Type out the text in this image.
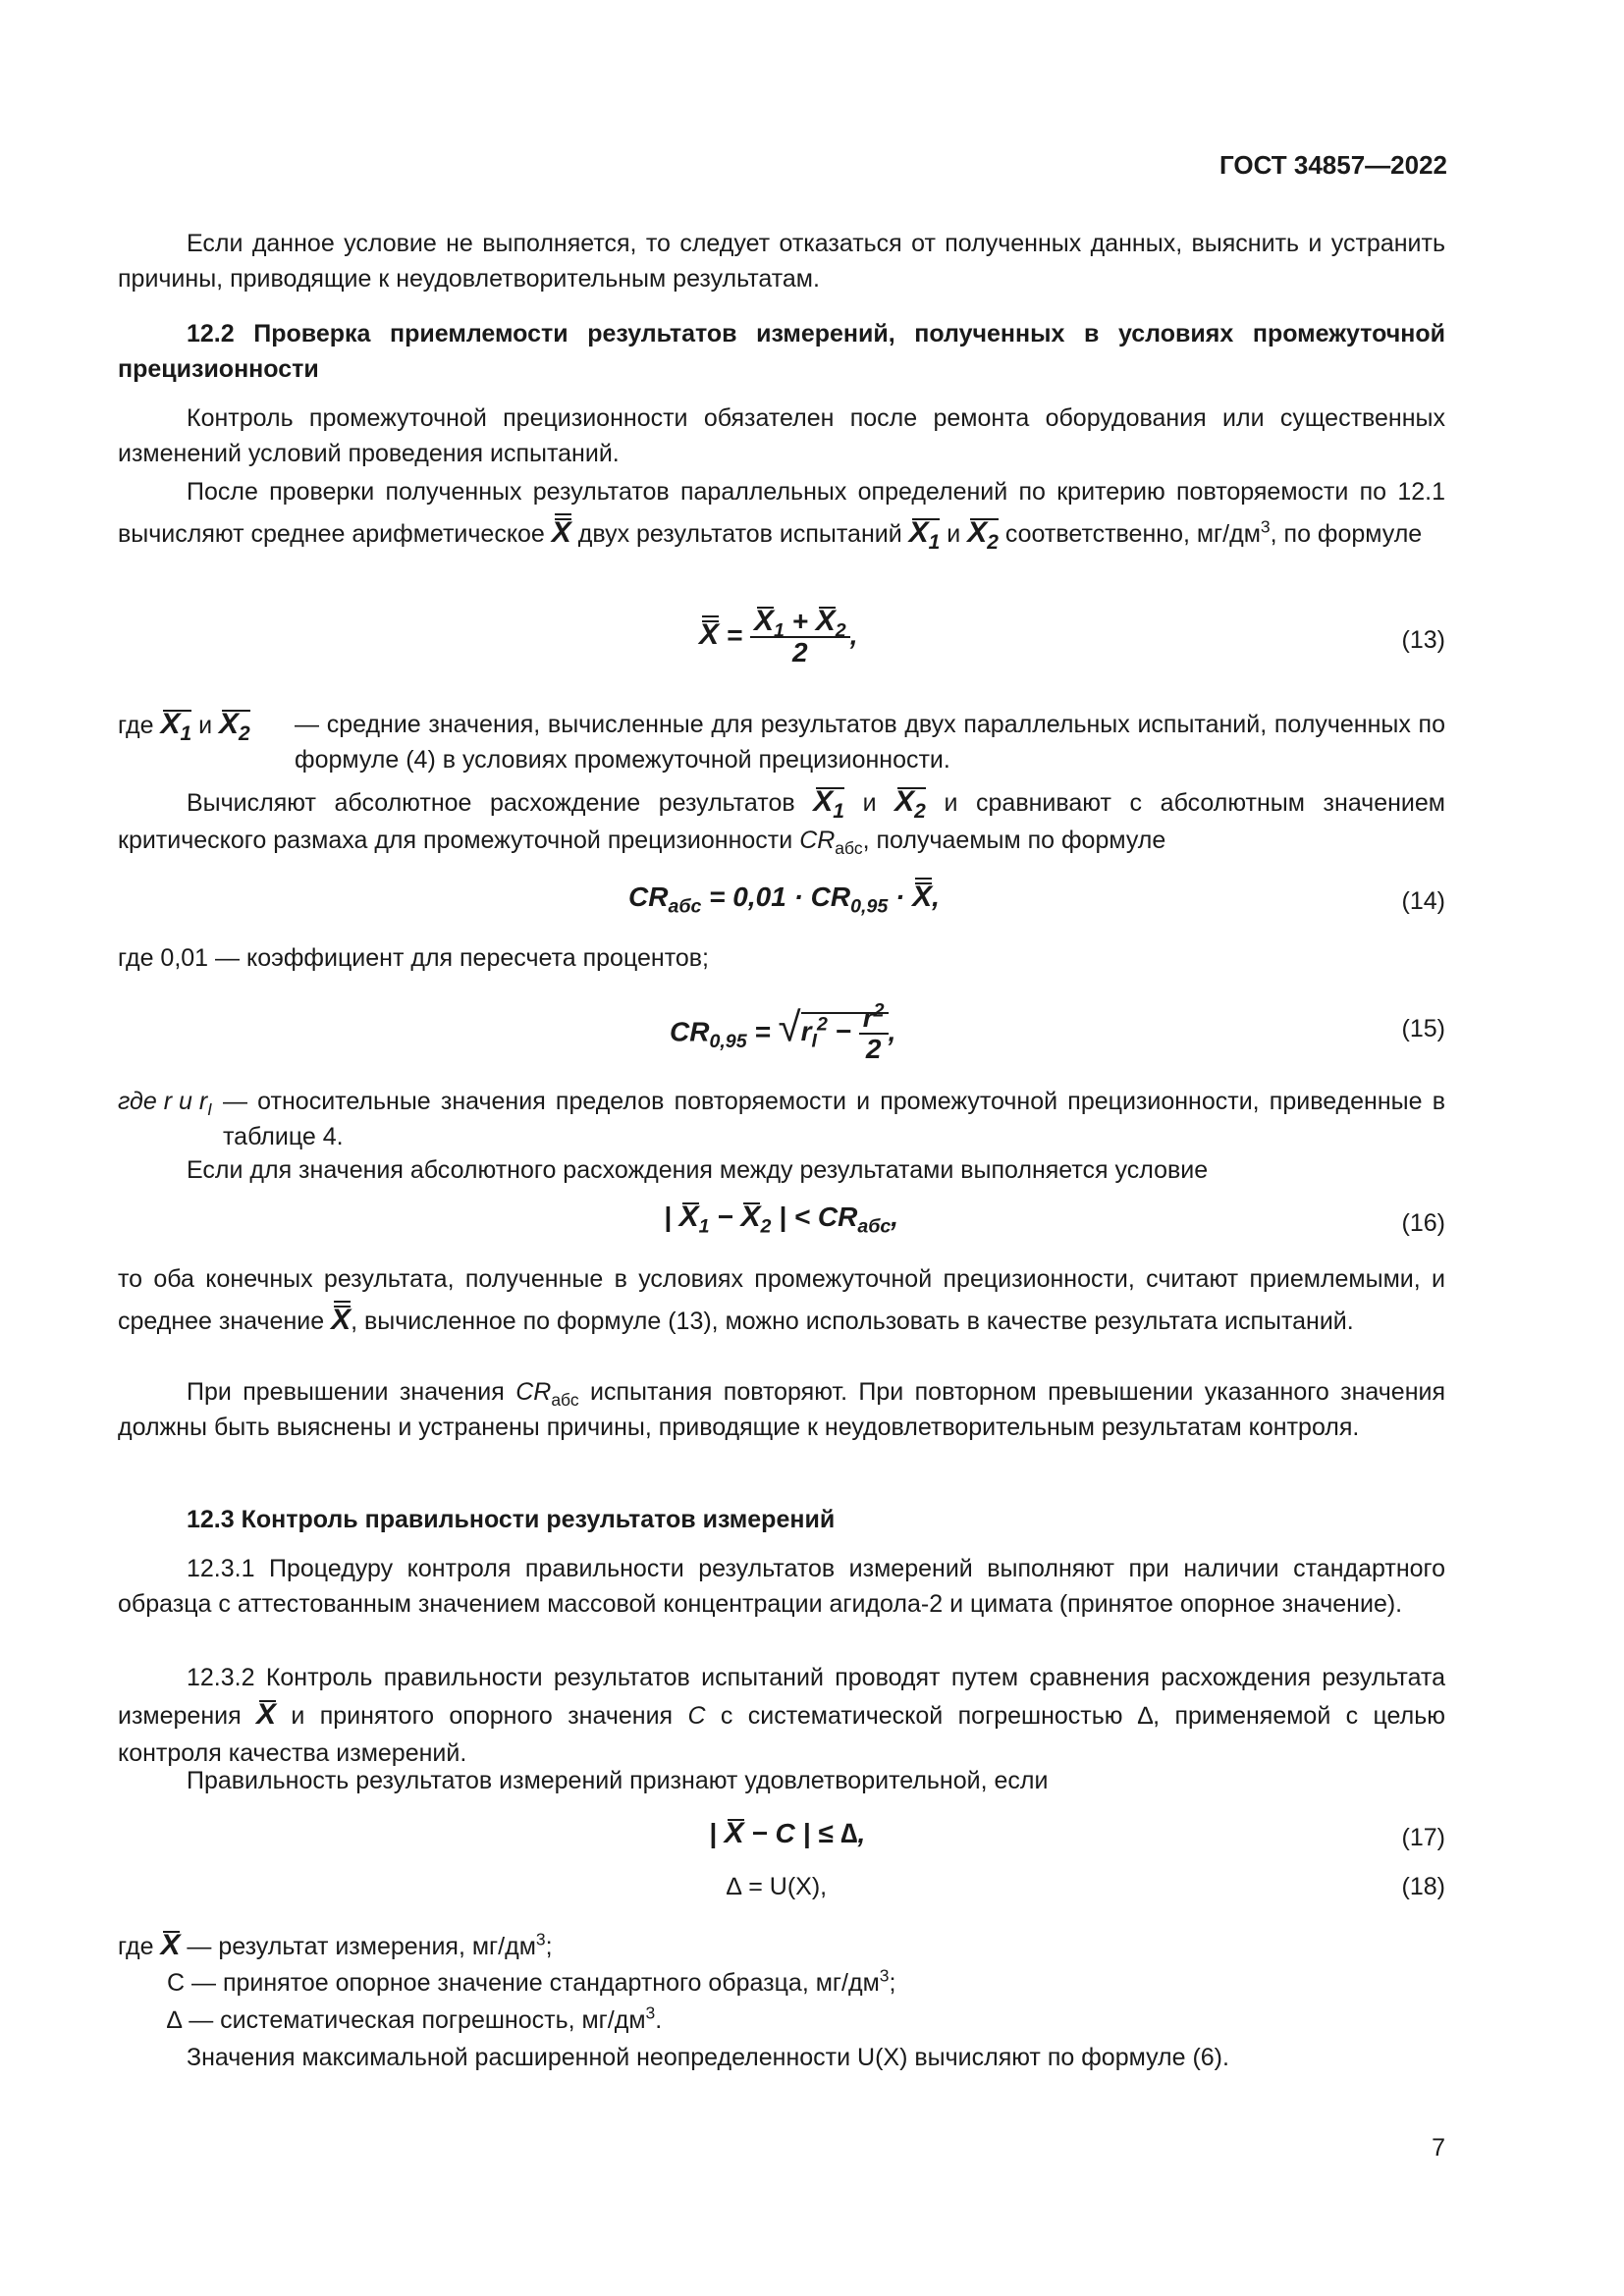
ГОСТ 34857—2022

Если данное условие не выполняется, то следует отказаться от полученных данных, выяснить и устранить причины, приводящие к неудовлетворительным результатам.

12.2 Проверка приемлемости результатов измерений, полученных в условиях промежуточной прецизионности

Контроль промежуточной прецизионности обязателен после ремонта оборудования или существенных изменений условий проведения испытаний.

После проверки полученных результатов параллельных определений по критерию повторяемости по 12.1 вычисляют среднее арифметическое X двух результатов испытаний $X_1$ и $X_2$ соответственно, $мг/дм^3$, по формуле

$X = \frac{X_1 + X_2}{2}$ ,	(13)
где $X_1$ и $X_2$ — средние значения, вычисленные для результатов двух параллельных испытаний, полученных по формуле (4) в условиях промежуточной прецизионности.

Вычисляют абсолютное расхождение результатов $X_1$ и $X_2$ и сравнивают с абсолютным значением критического размаха для промежуточной прецизионности $CR_{абс}$, получаемым по формуле

$CR_{абс} = 0,01 \cdot CR_{0,95} \cdot X$,	(14)

где 0,01 — коэффициент для пересчета процентов;

$CR_{0,95} = √r_I^2 - \frac{r^2}{2}$ ,	(15)
где r и $r_I$ — относительные значения пределов повторяемости и промежуточной прецизионности, приведенные в таблице 4.

Если для значения абсолютного расхождения между результатами выполняется условие

| $X_1 - X_2$ | < $CR_{абс}$,	(16)

то оба конечных результата, полученные в условиях промежуточной прецизионности, считают приемлемыми, и среднее значение X, вычисленное по формуле (13), можно использовать в качестве результата испытаний.

При превышении значения $CR_{абс}$ испытания повторяют. При повторном превышении указанного значения должны быть выяснены и устранены причины, приводящие к неудовлетворительным результатам контроля.

12.3 Контроль правильности результатов измерений

12.3.1 Процедуру контроля правильности результатов измерений выполняют при наличии стандартного образца с аттестованным значением массовой концентрации агидола-2 и цимата (принятое опорное значение).

12.3.2 Контроль правильности результатов испытаний проводят путем сравнения расхождения результата измерения X и принятого опорного значения C с систематической погрешностью ∆, применяемой с целью контроля качества измерений.

Правильность результатов измерений признают удовлетворительной, если

| X − C | ≤ ∆,	(17)
∆ = U(X),	(18)
где X — результат измерения, $мг/дм^3$;
C — принятое опорное значение стандартного образца, $мг/дм^3$;
∆ — систематическая погрешность, $мг/дм^3$.

Значения максимальной расширенной неопределенности U(X) вычисляют по формуле (6).

7
